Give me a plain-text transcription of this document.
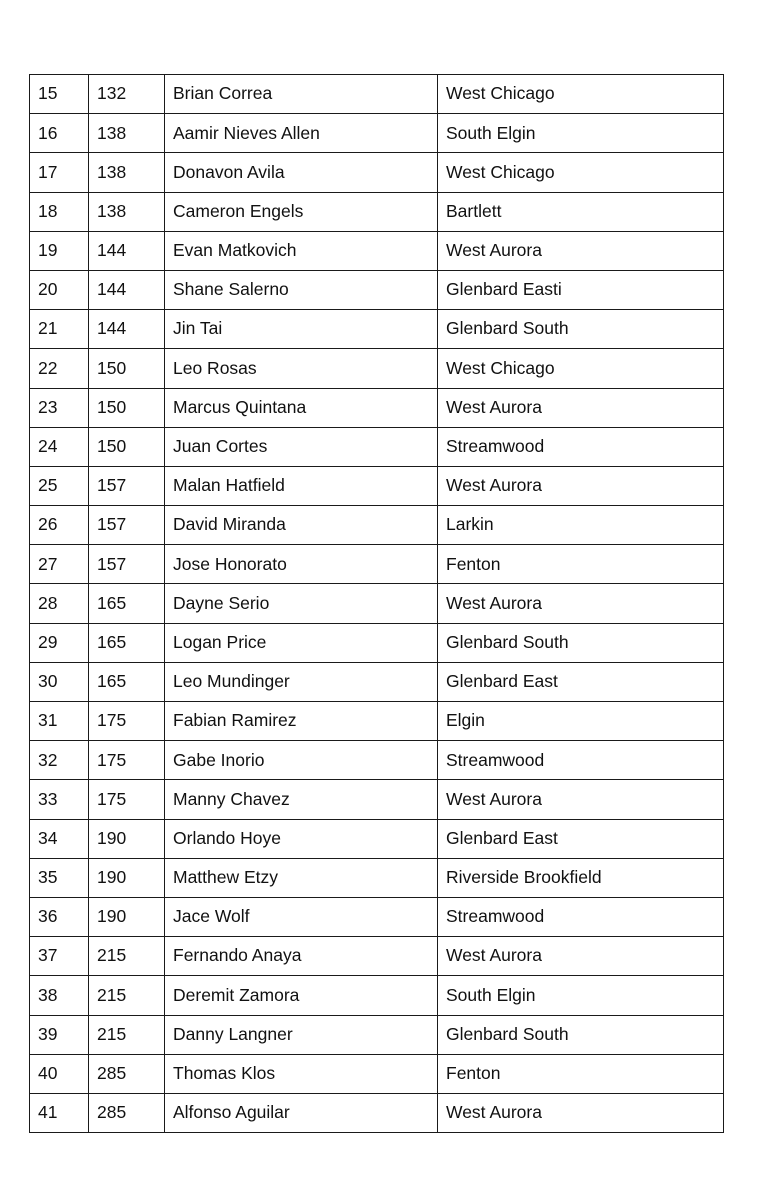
15	132	Brian Correa	West Chicago
16	138	Aamir Nieves Allen	South Elgin
17	138	Donavon Avila	West Chicago
18	138	Cameron Engels	Bartlett
19	144	Evan Matkovich	West Aurora
20	144	Shane Salerno	Glenbard Easti
21	144	Jin Tai	Glenbard South
22	150	Leo Rosas	West Chicago
23	150	Marcus Quintana	West Aurora
24	150	Juan Cortes	Streamwood
25	157	Malan Hatfield	West Aurora
26	157	David Miranda	Larkin
27	157	Jose Honorato	Fenton
28	165	Dayne Serio	West Aurora
29	165	Logan Price	Glenbard South
30	165	Leo Mundinger	Glenbard East
31	175	Fabian Ramirez	Elgin
32	175	Gabe Inorio	Streamwood
33	175	Manny Chavez	West Aurora
34	190	Orlando Hoye	Glenbard East
35	190	Matthew Etzy	Riverside Brookfield
36	190	Jace Wolf	Streamwood
37	215	Fernando Anaya	West Aurora
38	215	Deremit Zamora	South Elgin
39	215	Danny Langner	Glenbard South
40	285	Thomas Klos	Fenton
41	285	Alfonso Aguilar	West Aurora
